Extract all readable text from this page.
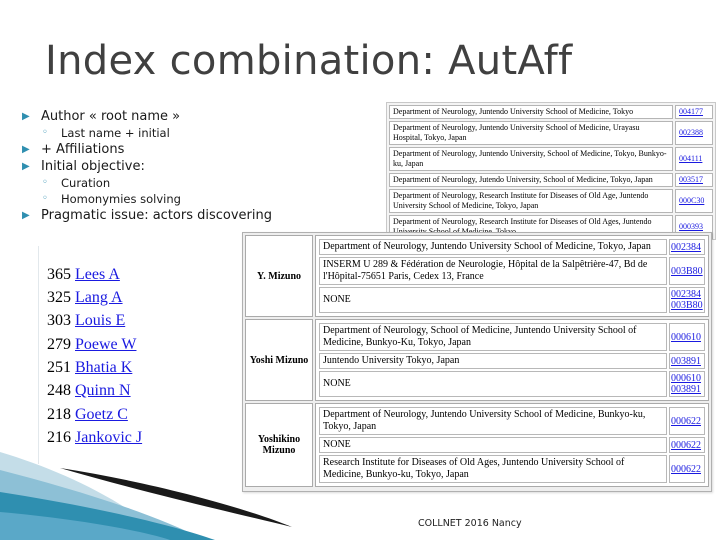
Index combination: AutAff
▶ Author « root name »
◦ Last name + initial
▶ + Affiliations
▶ Initial objective:
◦ Curation
◦ Homonymies solving
▶ Pragmatic issue: actors discovering
Department of Neurology, Juntendo University School of Medicine, Tokyo	004177
Department of Neurology, Juntendo University School of Medicine, Urayasu Hospital, Tokyo, Japan	002388
Department of Neurology, Juntendo University, School of Medicine, Tokyo, Bunkyo-ku, Japan	004111
Department of Neurology, Jutendo University, School of Medicine, Tokyo, Japan	003517
Department of Neurology, Research Institute for Diseases of Old Age, Juntendo University School of Medicine, Tokyo, Japan	000C30
Department of Neurology, Research Institute for Diseases of Old Ages, Juntendo	000393
365 Lees A
325 Lang A
303 Louis E
279 Poewe W
251 Bhatia K
248 Quinn N
218 Goetz C
216 Jankovic J
Y. Mizuno	
Department of Neurology, Juntendo University School of Medicine, Tokyo, Japan	002384

INSERM U 289 & Fédération de Neurologie, Hôpital de la Salpêtrière-47, Bd de l'Hôpital-75651 Paris, Cedex 13, France	003B80

NONE	002384
003B80

Yoshi Mizuno	
Department of Neurology, School of Medicine, Juntendo University School of Medicine, Bunkyo-Ku, Tokyo, Japan	000610

Juntendo University Tokyo, Japan	003891

NONE	000610
003891

Yoshikino Mizuno	
Department of Neurology, Juntendo University School of Medicine, Bunkyo-ku, Tokyo, Japan	000622

NONE	000622

Research Institute for Diseases of Old Ages, Juntendo University School of Medicine, Bunkyo-ku, Tokyo, Japan	000622
COLLNET 2016 Nancy
